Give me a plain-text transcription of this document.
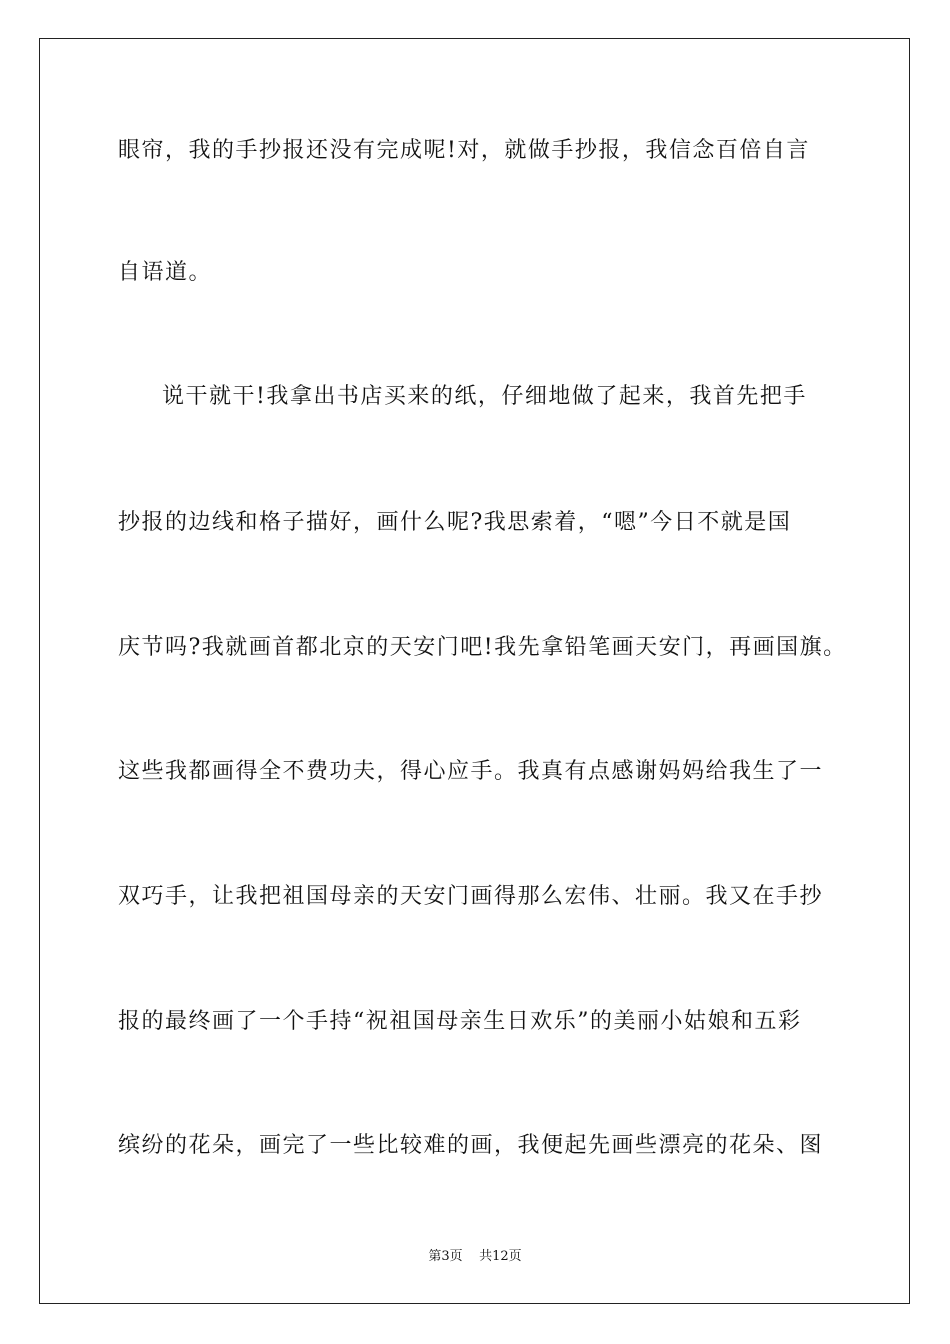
眼帘，我的手抄报还没有完成呢!对，就做手抄报，我信念百倍自言

自语道。

说干就干!我拿出书店买来的纸，仔细地做了起来，我首先把手

抄报的边线和格子描好，画什么呢?我思索着，“嗯”今日不就是国

庆节吗?我就画首都北京的天安门吧!我先拿铅笔画天安门，再画国旗。

这些我都画得全不费功夫，得心应手。我真有点感谢妈妈给我生了一

双巧手，让我把祖国母亲的天安门画得那么宏伟、壮丽。我又在手抄

报的最终画了一个手持“祝祖国母亲生日欢乐”的美丽小姑娘和五彩

缤纷的花朵，画完了一些比较难的画，我便起先画些漂亮的花朵、图

第3页 共12页
